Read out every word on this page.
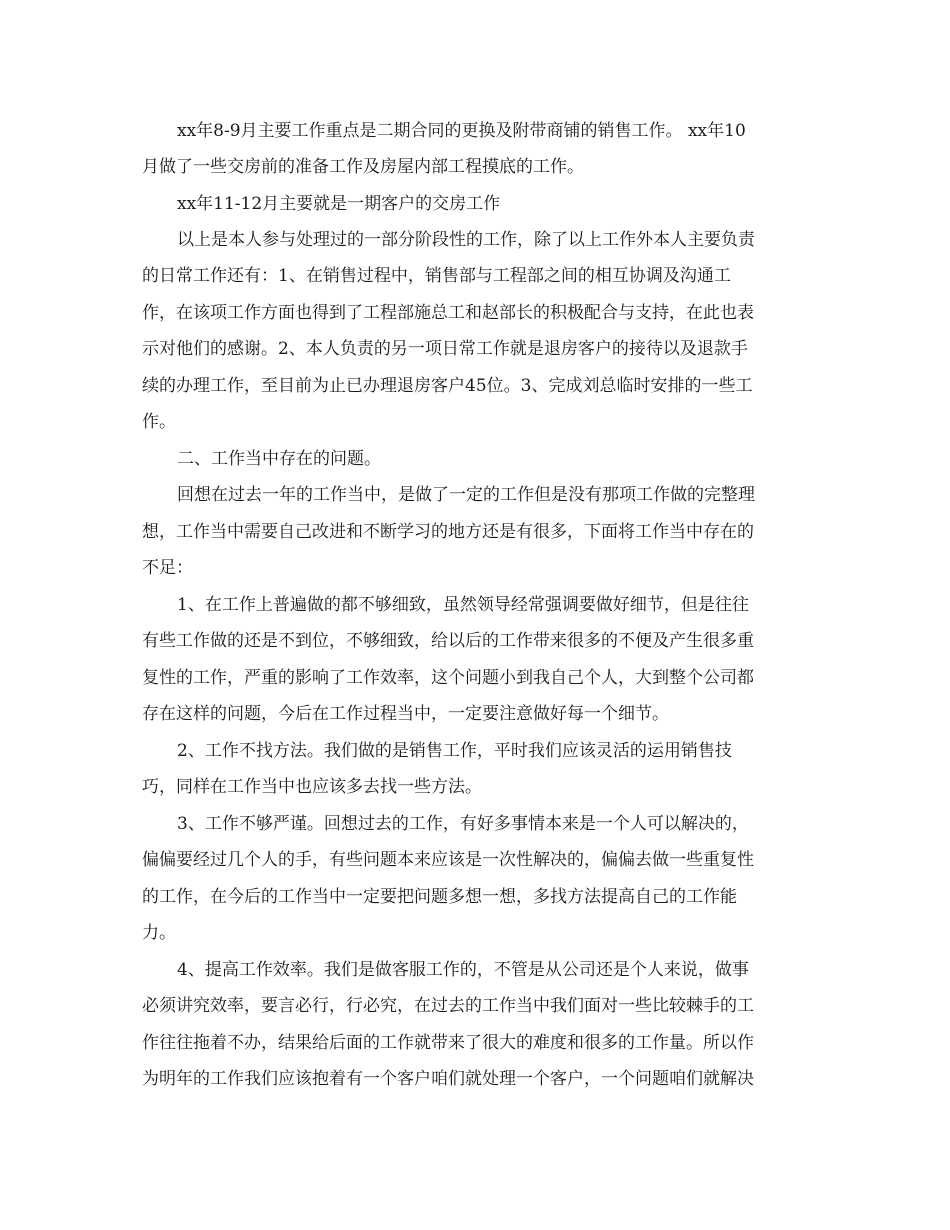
xx年8-9月主要工作重点是二期合同的更换及附带商铺的销售工作。 xx年10

月做了一些交房前的准备工作及房屋内部工程摸底的工作。

xx年11-12月主要就是一期客户的交房工作

以上是本人参与处理过的一部分阶段性的工作，除了以上工作外本人主要负责

的日常工作还有：1、在销售过程中，销售部与工程部之间的相互协调及沟通工

作，在该项工作方面也得到了工程部施总工和赵部长的积极配合与支持，在此也表

示对他们的感谢。2、本人负责的另一项日常工作就是退房客户的接待以及退款手

续的办理工作，至目前为止已办理退房客户45位。3、完成刘总临时安排的一些工

作。

二、工作当中存在的问题。

回想在过去一年的工作当中，是做了一定的工作但是没有那项工作做的完整理

想，工作当中需要自己改进和不断学习的地方还是有很多，下面将工作当中存在的

不足：

1、在工作上普遍做的都不够细致，虽然领导经常强调要做好细节，但是往往

有些工作做的还是不到位，不够细致，给以后的工作带来很多的不便及产生很多重

复性的工作，严重的影响了工作效率，这个问题小到我自己个人，大到整个公司都

存在这样的问题，今后在工作过程当中，一定要注意做好每一个细节。

2、工作不找方法。我们做的是销售工作，平时我们应该灵活的运用销售技

巧，同样在工作当中也应该多去找一些方法。

3、工作不够严谨。回想过去的工作，有好多事情本来是一个人可以解决的，

偏偏要经过几个人的手，有些问题本来应该是一次性解决的，偏偏去做一些重复性

的工作，在今后的工作当中一定要把问题多想一想，多找方法提高自己的工作能

力。

4、提高工作效率。我们是做客服工作的，不管是从公司还是个人来说，做事

必须讲究效率，要言必行，行必究，在过去的工作当中我们面对一些比较棘手的工

作往往拖着不办，结果给后面的工作就带来了很大的难度和很多的工作量。所以作

为明年的工作我们应该抱着有一个客户咱们就处理一个客户，一个问题咱们就解决
